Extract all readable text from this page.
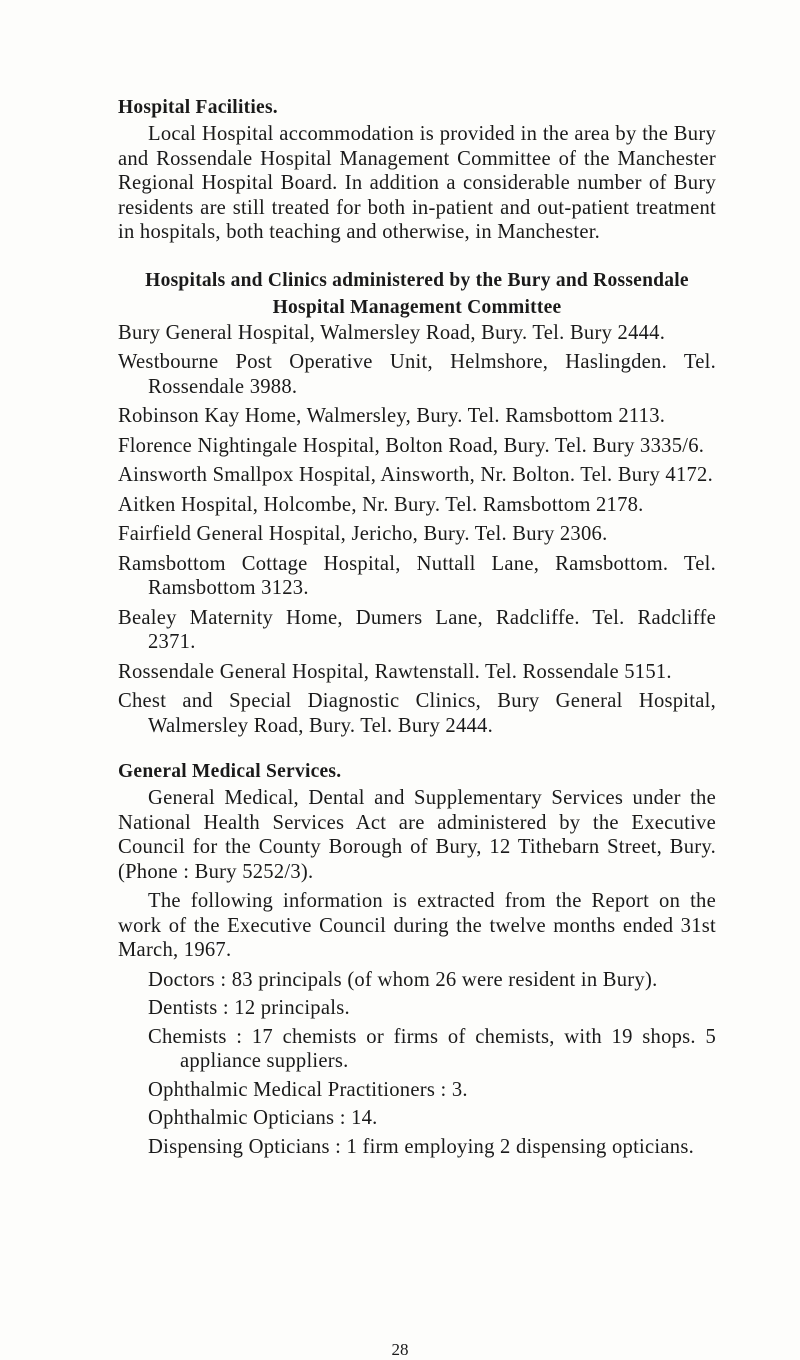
Hospital Facilities.

Local Hospital accommodation is provided in the area by the Bury and Rossendale Hospital Management Committee of the Manchester Regional Hospital Board. In addition a considerable number of Bury residents are still treated for both in-patient and out-patient treatment in hospitals, both teaching and otherwise, in Manchester.

Hospitals and Clinics administered by the Bury and Rossendale Hospital Management Committee
Bury General Hospital, Walmersley Road, Bury. Tel. Bury 2444.
Westbourne Post Operative Unit, Helmshore, Haslingden. Tel. Rossendale 3988.
Robinson Kay Home, Walmersley, Bury. Tel. Ramsbottom 2113.
Florence Nightingale Hospital, Bolton Road, Bury. Tel. Bury 3335/6.
Ainsworth Smallpox Hospital, Ainsworth, Nr. Bolton. Tel. Bury 4172.
Aitken Hospital, Holcombe, Nr. Bury. Tel. Ramsbottom 2178.
Fairfield General Hospital, Jericho, Bury. Tel. Bury 2306.
Ramsbottom Cottage Hospital, Nuttall Lane, Ramsbottom. Tel. Ramsbottom 3123.
Bealey Maternity Home, Dumers Lane, Radcliffe. Tel. Radcliffe 2371.
Rossendale General Hospital, Rawtenstall. Tel. Rossendale 5151.
Chest and Special Diagnostic Clinics, Bury General Hospital, Walmersley Road, Bury. Tel. Bury 2444.
General Medical Services.

General Medical, Dental and Supplementary Services under the National Health Services Act are administered by the Executive Council for the County Borough of Bury, 12 Tithebarn Street, Bury. (Phone : Bury 5252/3).

The following information is extracted from the Report on the work of the Executive Council during the twelve months ended 31st March, 1967.

Doctors : 83 principals (of whom 26 were resident in Bury).
Dentists : 12 principals.
Chemists : 17 chemists or firms of chemists, with 19 shops. 5 appliance suppliers.
Ophthalmic Medical Practitioners : 3.
Ophthalmic Opticians : 14.
Dispensing Opticians : 1 firm employing 2 dispensing opticians.
28
